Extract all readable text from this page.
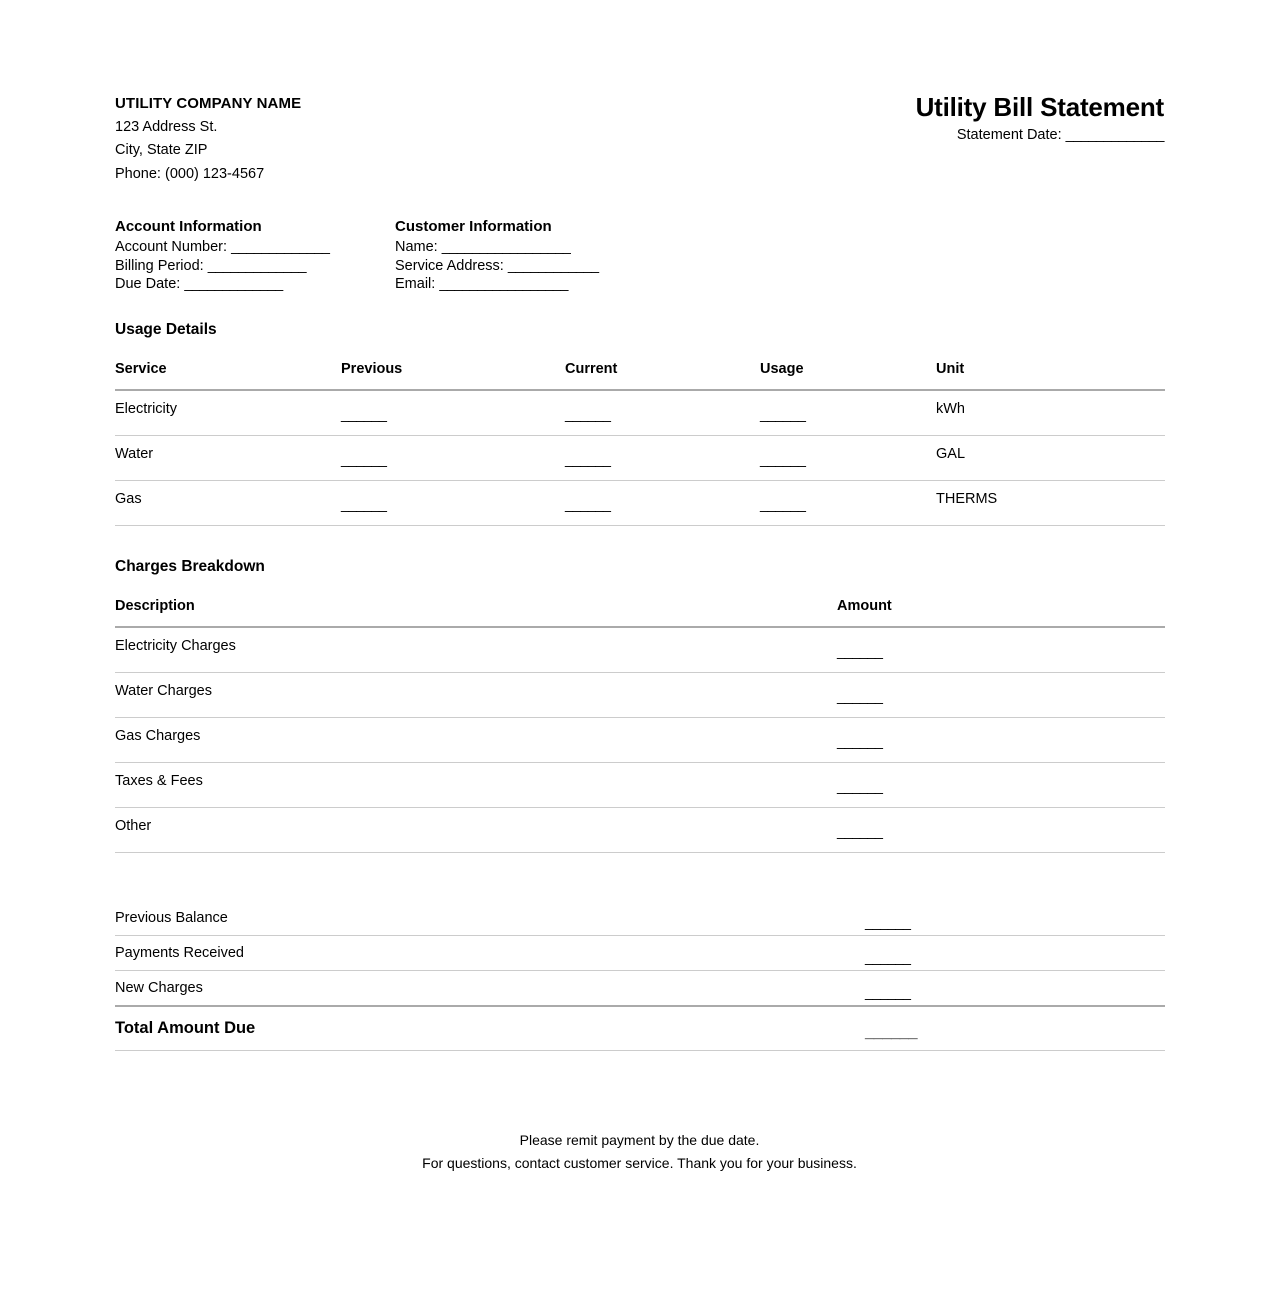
UTILITY COMPANY NAME
123 Address St.
City, State ZIP
Phone: (000) 123-4567
Utility Bill Statement
Statement Date: _____________
Account Information
Account Number: _____________
Billing Period: _____________
Due Date: _____________
Customer Information
Name: _________________
Service Address: ____________
Email: _________________
Usage Details
Service	Previous	Current	Usage	Unit
Electricity	______	______	______	kWh
Water	______	______	______	GAL
Gas	______	______	______	THERMS
Charges Breakdown
Description	Amount
Electricity Charges	______
Water Charges	______
Gas Charges	______
Taxes & Fees	______
Other	______
Previous Balance	______
Payments Received	______
New Charges	______
Total Amount Due	______
Please remit payment by the due date.
For questions, contact customer service. Thank you for your business.
